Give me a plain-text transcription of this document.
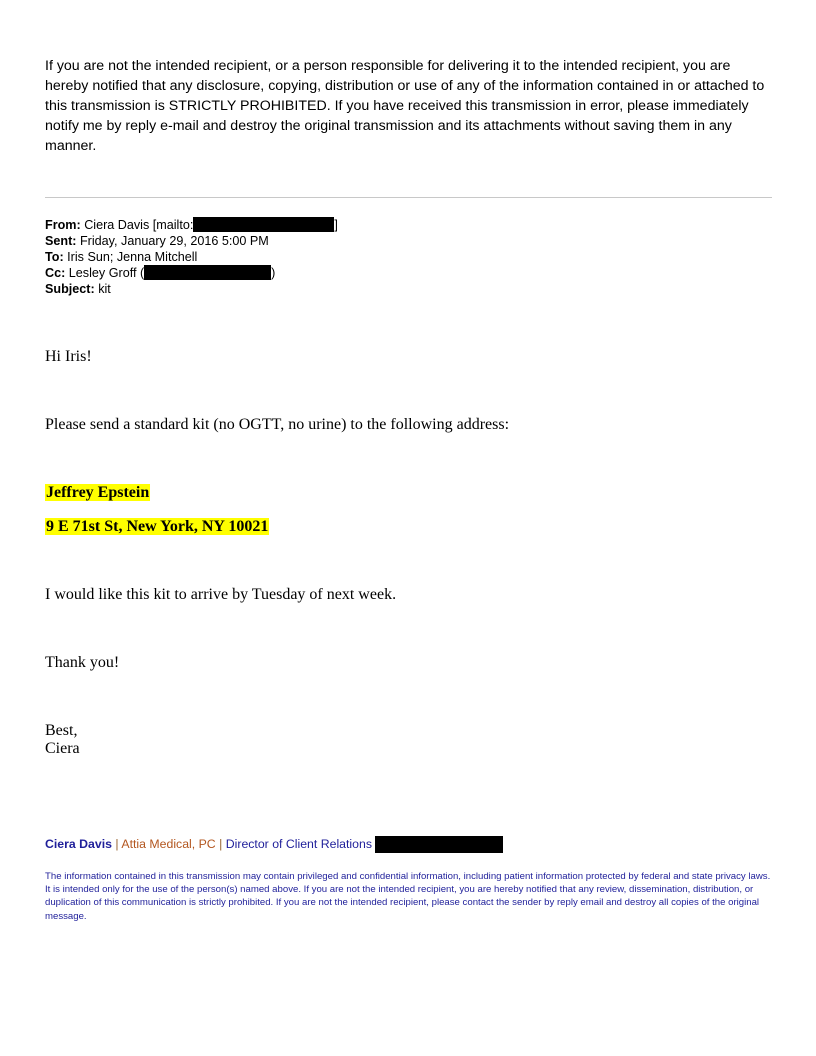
If you are not the intended recipient, or a person responsible for delivering it to the intended recipient, you are hereby notified that any disclosure, copying, distribution or use of any of the information contained in or attached to this transmission is STRICTLY PROHIBITED. If you have received this transmission in error, please immediately notify me by reply e-mail and destroy the original transmission and its attachments without saving them in any manner.

From: Ciera Davis [mailto:	]
Sent: Friday, January 29, 2016 5:00 PM
To: Iris Sun; Jenna Mitchell
Cc: Lesley Groff (	)
Subject: kit

Hi Iris!

Please send a standard kit (no OGTT, no urine) to the following address:

Jeffrey Epstein

9 E 71st St, New York, NY 10021

I would like this kit to arrive by Tuesday of next week.

Thank you!

Best,

Ciera

Ciera Davis | Attia Medical, PC | Director of Client Relations

The information contained in this transmission may contain privileged and confidential information, including patient information protected by federal and state privacy laws. It is intended only for the use of the person(s) named above. If you are not the intended recipient, you are hereby notified that any review, dissemination, distribution, or duplication of this communication is strictly prohibited. If you are not the intended recipient, please contact the sender by reply email and destroy all copies of the original message.
